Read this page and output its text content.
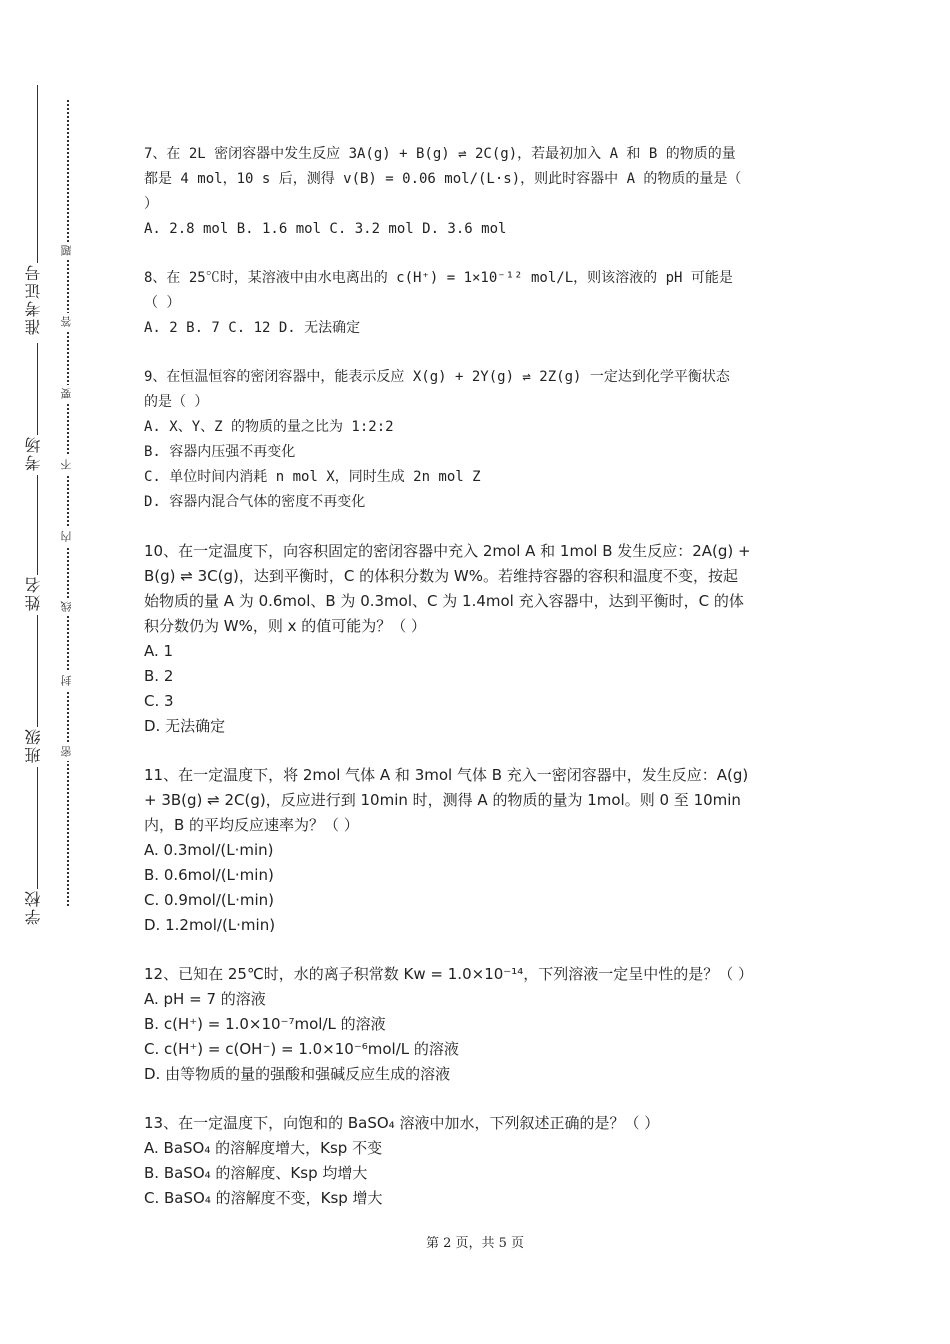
准考证号
考场
姓名
班级
学校
题
答
要
不
内
线
封
密

7、在 2L 密闭容器中发生反应 3A(g) + B(g) ⇌ 2C(g)，若最初加入 A 和 B 的物质的量

都是 4 mol，10 s 后，测得 v(B) = 0.06 mol/(L·s)，则此时容器中 A 的物质的量是（

）

A. 2.8 mol B. 1.6 mol C. 3.2 mol D. 3.6 mol

8、在 25℃时，某溶液中由水电离出的 c(H⁺) = 1×10⁻¹² mol/L，则该溶液的 pH 可能是

（ ）

A. 2 B. 7 C. 12 D. 无法确定

9、在恒温恒容的密闭容器中，能表示反应 X(g) + 2Y(g) ⇌ 2Z(g) 一定达到化学平衡状态

的是（ ）

A. X、Y、Z 的物质的量之比为 1:2:2

B. 容器内压强不再变化

C. 单位时间内消耗 n mol X，同时生成 2n mol Z

D. 容器内混合气体的密度不再变化

10、在一定温度下，向容积固定的密闭容器中充入 2mol A 和 1mol B 发生反应：2A(g) +

B(g) ⇌ 3C(g)，达到平衡时，C 的体积分数为 W%。若维持容器的容积和温度不变，按起

始物质的量 A 为 0.6mol、B 为 0.3mol、C 为 1.4mol 充入容器中，达到平衡时，C 的体

积分数仍为 W%，则 x 的值可能为？（ ）

A. 1

B. 2

C. 3

D. 无法确定

11、在一定温度下，将 2mol 气体 A 和 3mol 气体 B 充入一密闭容器中，发生反应：A(g)

+ 3B(g) ⇌ 2C(g)，反应进行到 10min 时，测得 A 的物质的量为 1mol。则 0 至 10min

内，B 的平均反应速率为？（ ）

A. 0.3mol/(L·min)

B. 0.6mol/(L·min)

C. 0.9mol/(L·min)

D. 1.2mol/(L·min)

12、已知在 25℃时，水的离子积常数 Kw = 1.0×10⁻¹⁴，下列溶液一定呈中性的是？（ ）

A. pH = 7 的溶液

B. c(H⁺) = 1.0×10⁻⁷mol/L 的溶液

C. c(H⁺) = c(OH⁻) = 1.0×10⁻⁶mol/L 的溶液

D. 由等物质的量的强酸和强碱反应生成的溶液

13、在一定温度下，向饱和的 BaSO₄ 溶液中加水，下列叙述正确的是？（ ）

A. BaSO₄ 的溶解度增大，Ksp 不变

B. BaSO₄ 的溶解度、Ksp 均增大

C. BaSO₄ 的溶解度不变，Ksp 增大

第 2 页，共 5 页
